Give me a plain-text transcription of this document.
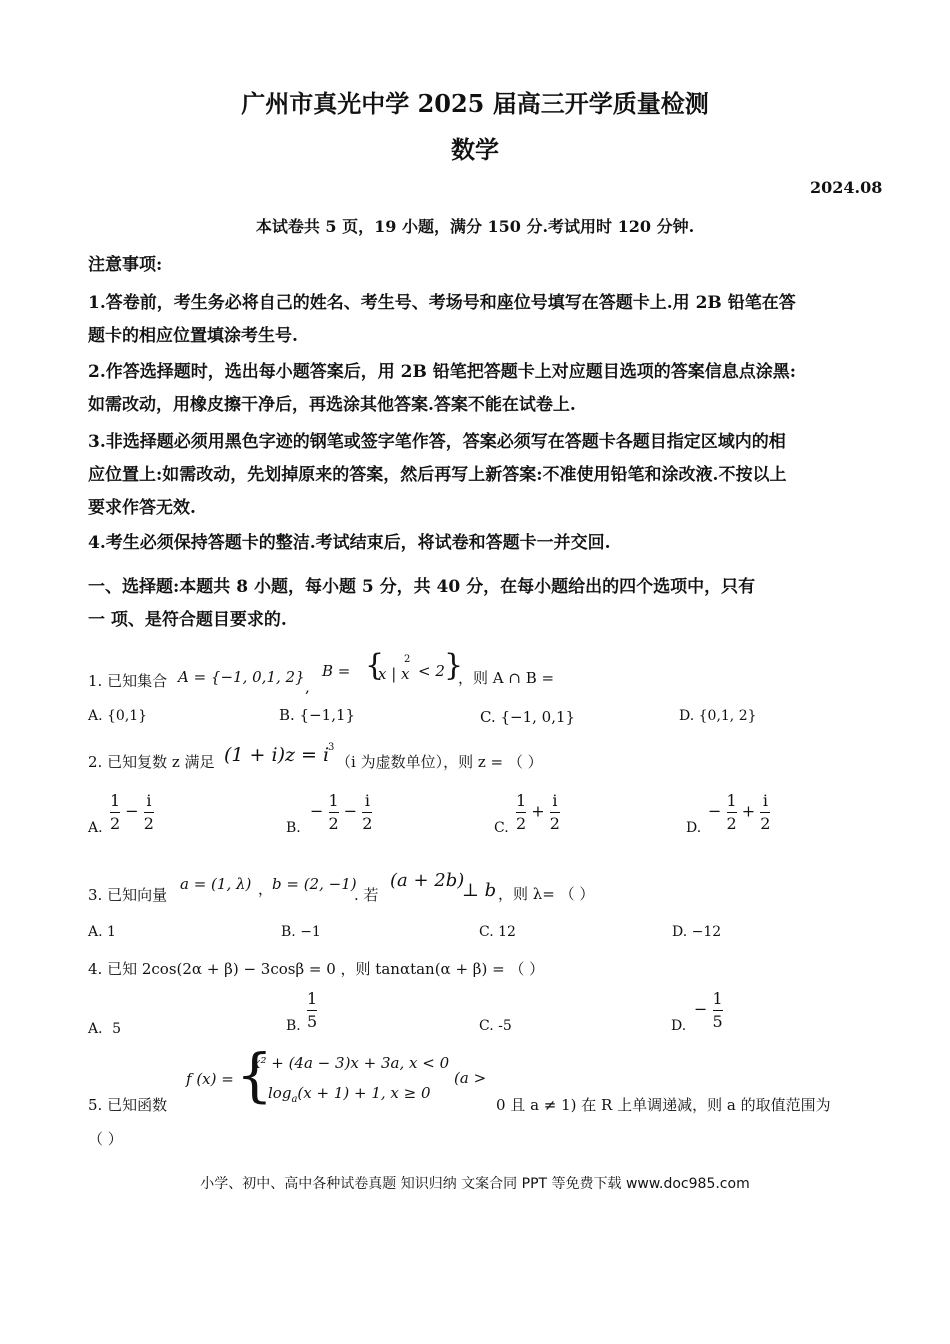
广州市真光中学 2025 届高三开学质量检测
数学
2024.08
本试卷共 5 页，19 小题，满分 150 分.考试用时 120 分钟.
注意事项:
1.答卷前，考生务必将自己的姓名、考生号、考场号和座位号填写在答题卡上.用 2B 铅笔在答
题卡的相应位置填涂考生号.
2.作答选择题时，选出每小题答案后，用 2B 铅笔把答题卡上对应题目选项的答案信息点涂黑:
如需改动，用橡皮擦干净后，再选涂其他答案.答案不能在试卷上.
3.非选择题必须用黑色字迹的钢笔或签字笔作答，答案必须写在答题卡各题目指定区域内的相
应位置上:如需改动，先划掉原来的答案，然后再写上新答案:不准使用铅笔和涂改液.不按以上
要求作答无效.
4.考生必须保持答题卡的整洁.考试结束后，将试卷和答题卡一并交回.
一、选择题:本题共 8 小题，每小题 5 分，共 40 分，在每小题给出的四个选项中，只有
一 项、是符合题目要求的.
1. 已知集合 A = {−1, 0,1, 2}
,
B = {
x | x
2
< 2 }
，则 A ∩ B =
A. {0,1}	B. {−1,1}	C. {−1, 0,1}	D. {0,1, 2}
2. 已知复数 z 满足 (1 + i)z = i
3
（i 为虚数单位），则 z = （ ）
A. $\frac{1}{2} - \frac{i}{2}$	B.
− $\frac{1}{2} - \frac{i}{2}$	C. $\frac{1}{2} + \frac{i}{2}$	D.
− $\frac{1}{2} + \frac{i}{2}$
3. 已知向量
a = (1, λ) ，
b = (2, −1)
. 若
(a + 2b)
⊥ b ，则 λ= （ ）
A. 1	B. −1	C. 12	D. −12
4. 已知 2cos(2α + β) − 3cosβ = 0 ，则 tanαtan(α + β) = （ ）
A．5	B. $\frac{1}{5}$	C. -5	D.
− $\frac{1}{5}$
5. 已知函数
f (x) = {
x² + (4a − 3)x + 3a, x < 0
$\log_a(x + 1) + 1$, x ≥ 0
(a >
0 且 a ≠ 1) 在 R 上单调递减，则 a 的取值范围为
（ ）
小学、初中、高中各种试卷真题 知识归纳 文案合同 PPT 等免费下载 www.doc985.com
